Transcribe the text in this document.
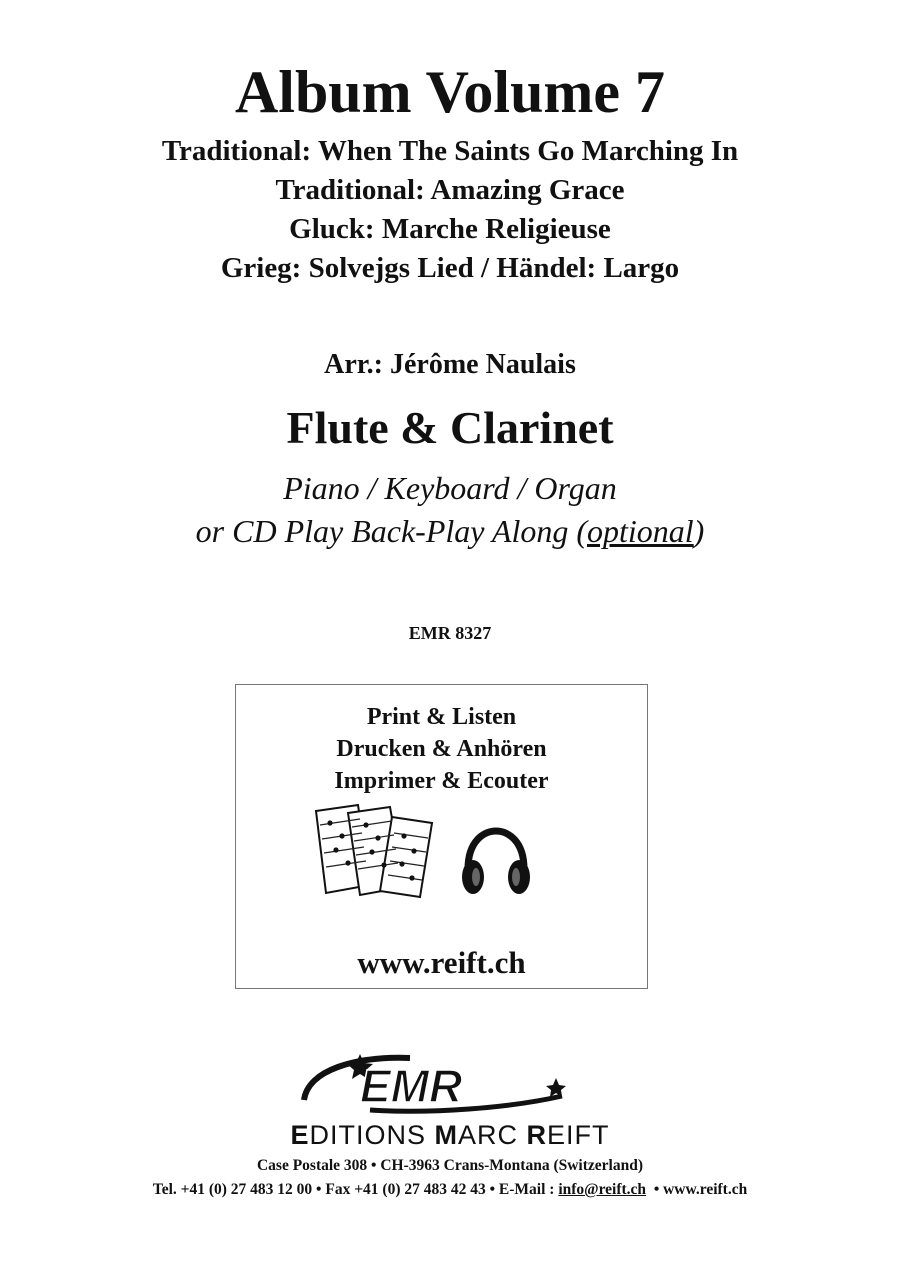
Album Volume 7
Traditional: When The Saints Go Marching In
Traditional: Amazing Grace
Gluck: Marche Religieuse
Grieg: Solvejgs Lied / Händel: Largo
Arr.: Jérôme Naulais
Flute & Clarinet
Piano / Keyboard / Organ
or CD Play Back-Play Along (optional)
EMR 8327
Print & Listen
Drucken & Anhören
Imprimer & Ecouter
www.reift.ch
EMR
EDITIONS MARC REIFT
Case Postale 308 • CH-3963 Crans-Montana (Switzerland)
Tel. +41 (0) 27 483 12 00 • Fax +41 (0) 27 483 42 43 • E-Mail : info@reift.ch  • www.reift.ch
